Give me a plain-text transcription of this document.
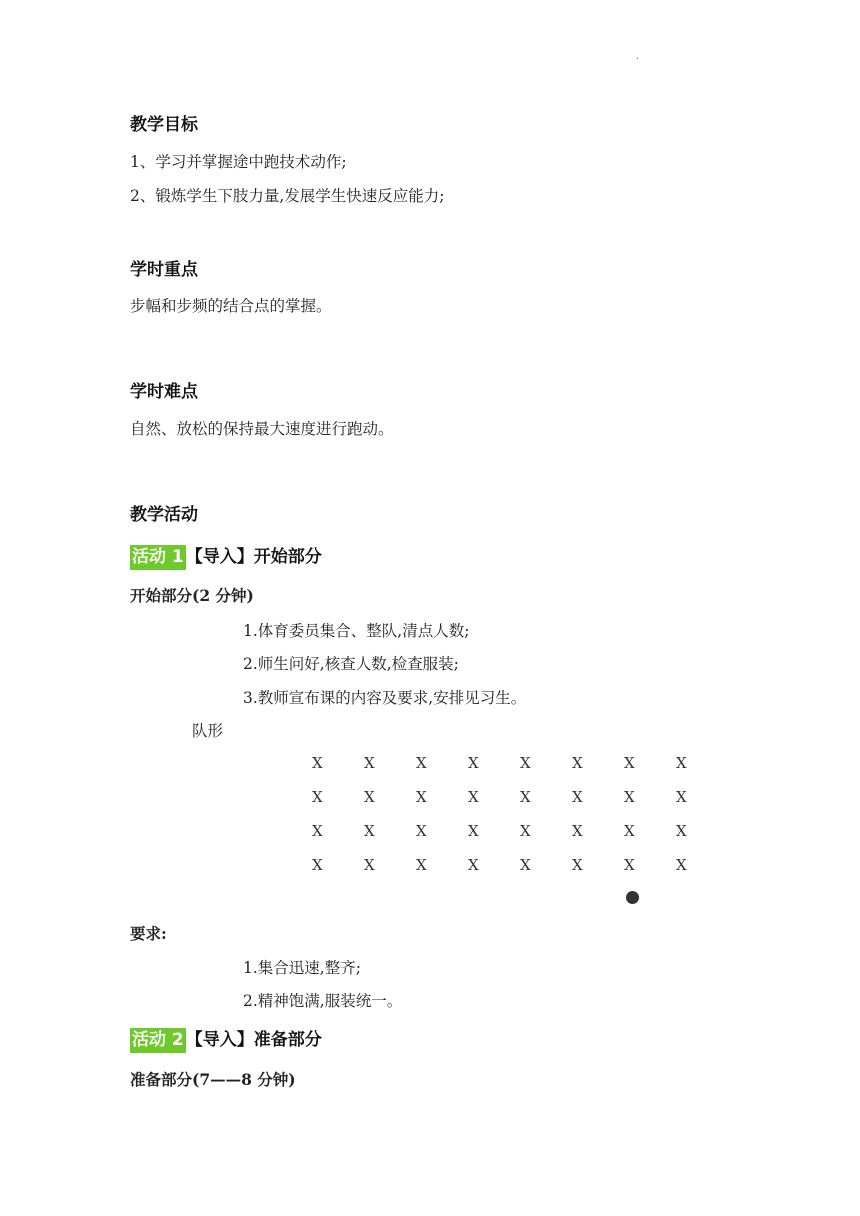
·
教学目标
1、学习并掌握途中跑技术动作;
2、锻炼学生下肢力量,发展学生快速反应能力;
学时重点
步幅和步频的结合点的掌握。
学时难点
自然、放松的保持最大速度进行跑动。
教学活动
活动 1 【导入】开始部分
开始部分(2 分钟)
1.体育委员集合、整队,清点人数;
2.师生问好,核查人数,检查服装;
3.教师宣布课的内容及要求,安排见习生。
队形
X	X	X	X	X	X	X	X
X	X	X	X	X	X	X	X
X	X	X	X	X	X	X	X
X	X	X	X	X	X	X	X
要求:
1.集合迅速,整齐;
2.精神饱满,服装统一。
活动 2 【导入】准备部分
准备部分(7——8 分钟)
